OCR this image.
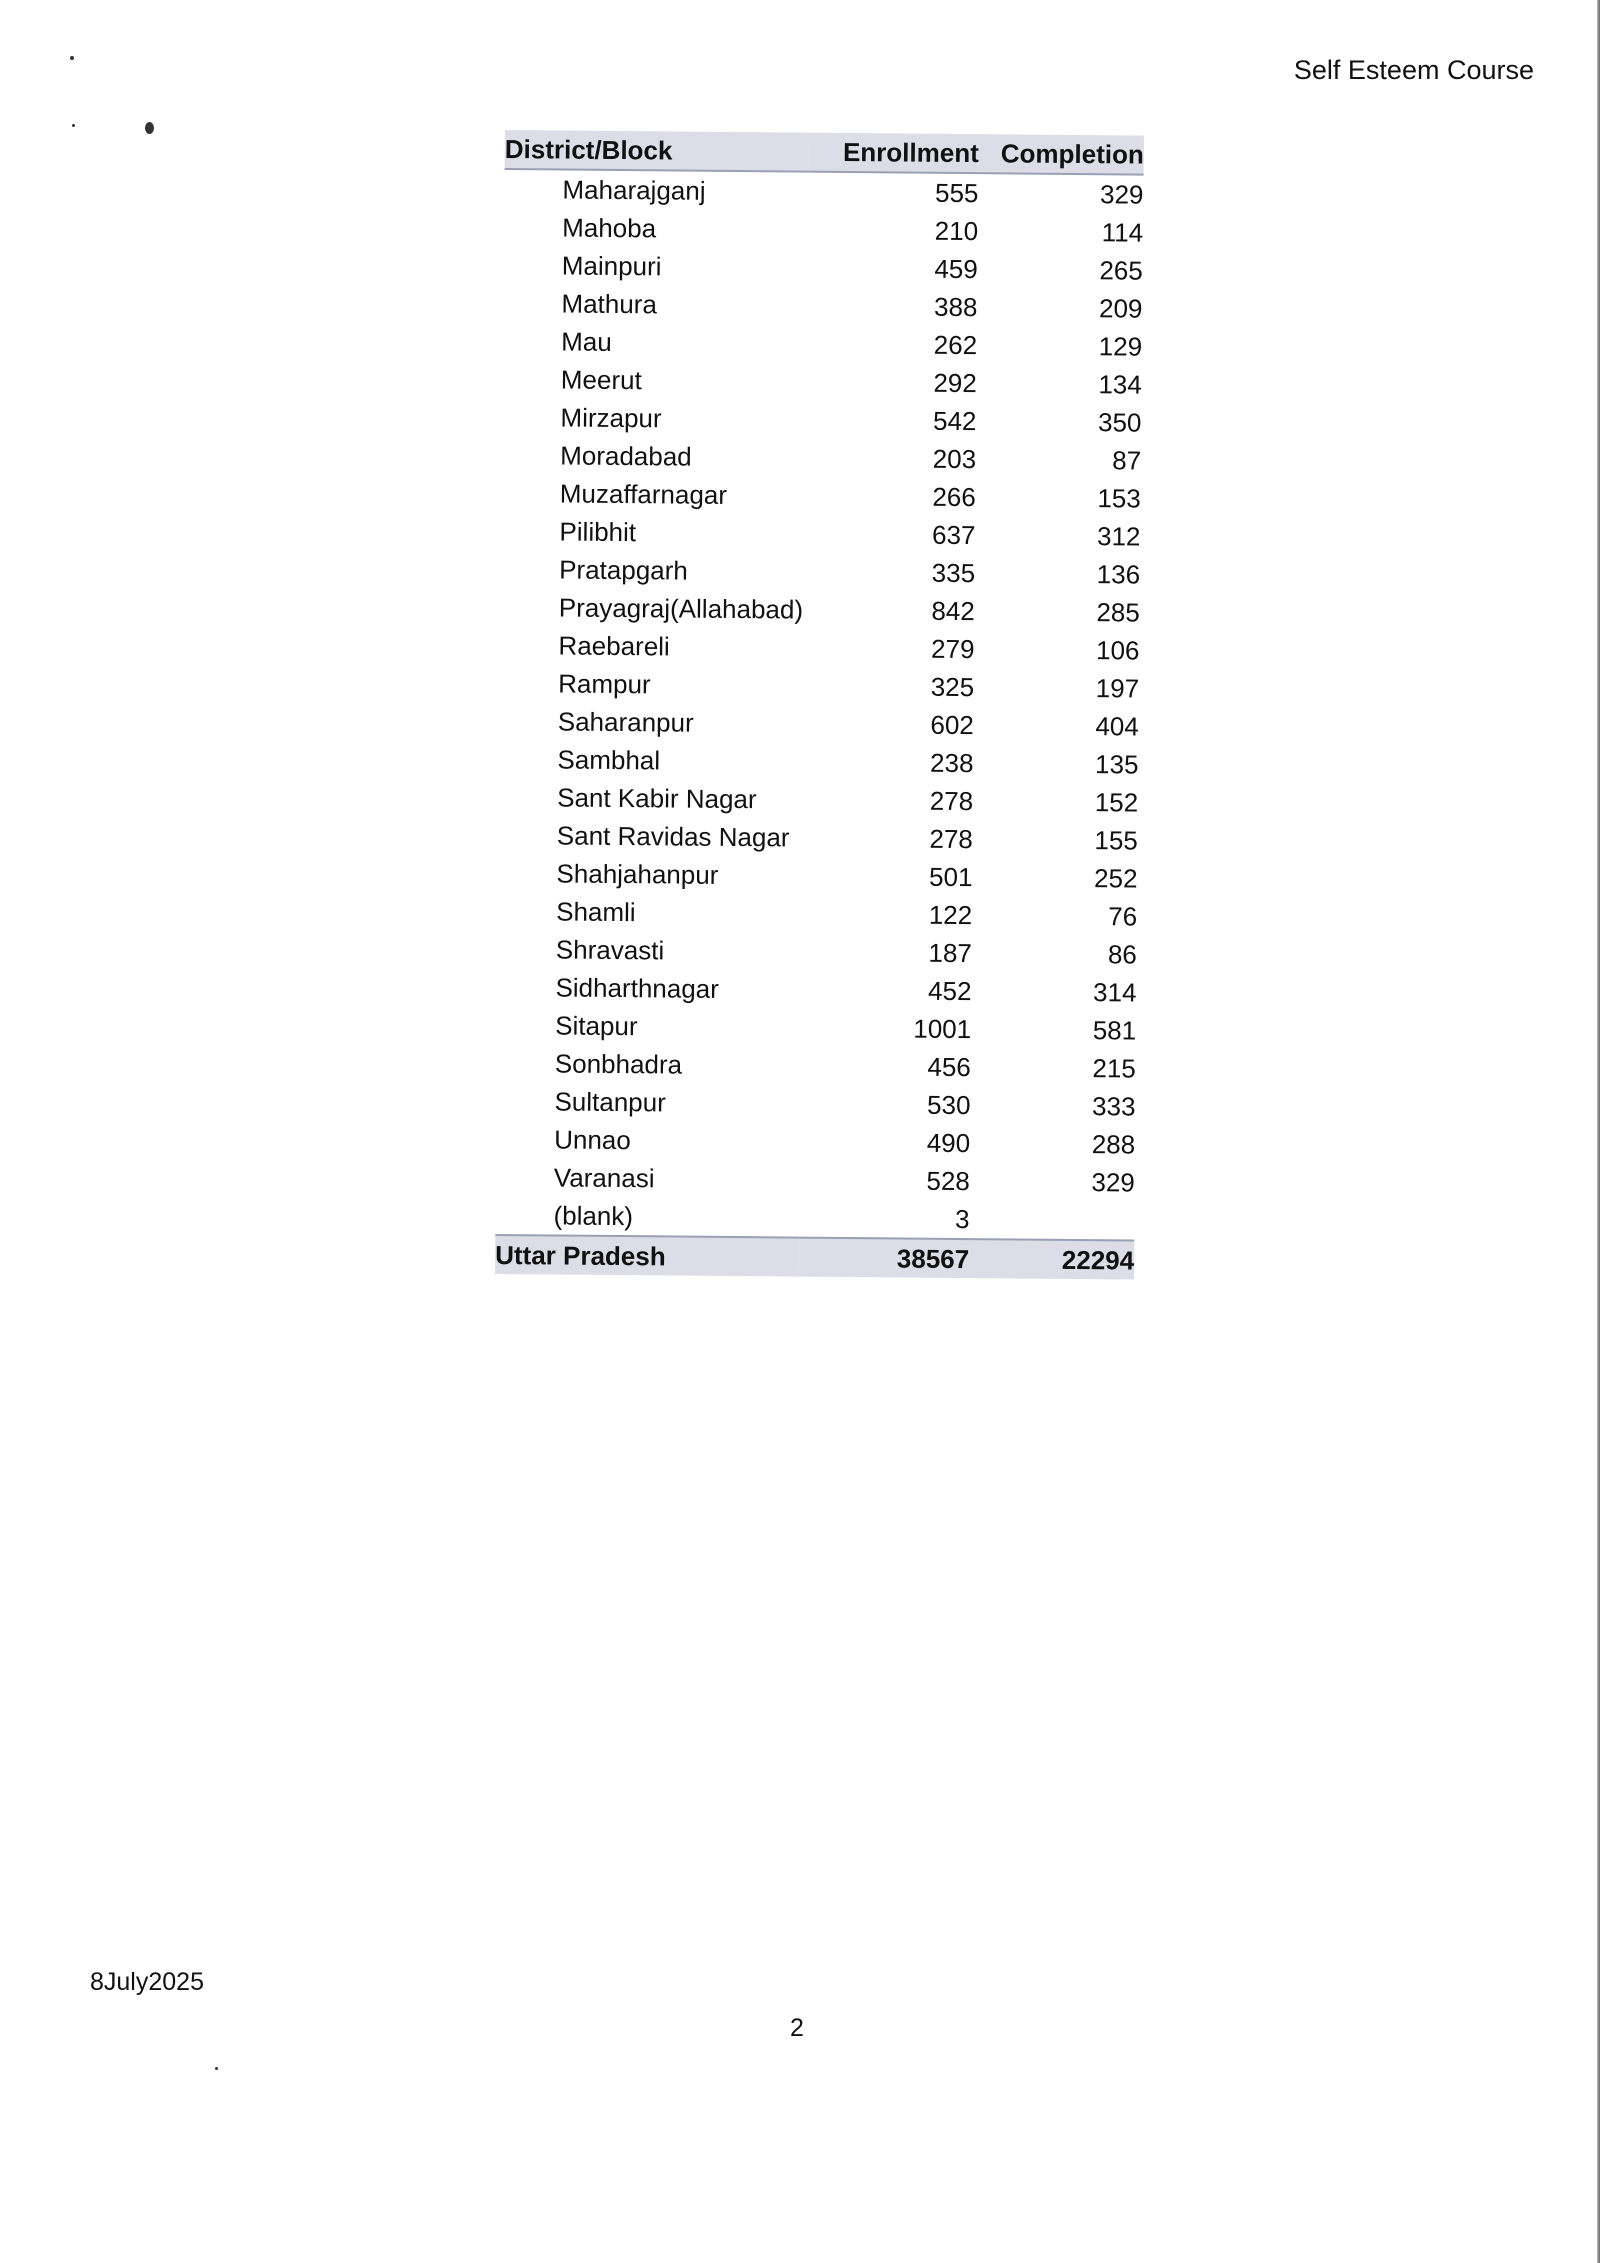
Self Esteem Course
District/Block	Enrollment	Completion
Maharajganj	555	329
Mahoba	210	114
Mainpuri	459	265
Mathura	388	209
Mau	262	129
Meerut	292	134
Mirzapur	542	350
Moradabad	203	87
Muzaffarnagar	266	153
Pilibhit	637	312
Pratapgarh	335	136
Prayagraj(Allahabad)	842	285
Raebareli	279	106
Rampur	325	197
Saharanpur	602	404
Sambhal	238	135
Sant Kabir Nagar	278	152
Sant Ravidas Nagar	278	155
Shahjahanpur	501	252
Shamli	122	76
Shravasti	187	86
Sidharthnagar	452	314
Sitapur	1001	581
Sonbhadra	456	215
Sultanpur	530	333
Unnao	490	288
Varanasi	528	329
(blank)	3	
Uttar Pradesh	38567	22294
8July2025
2
